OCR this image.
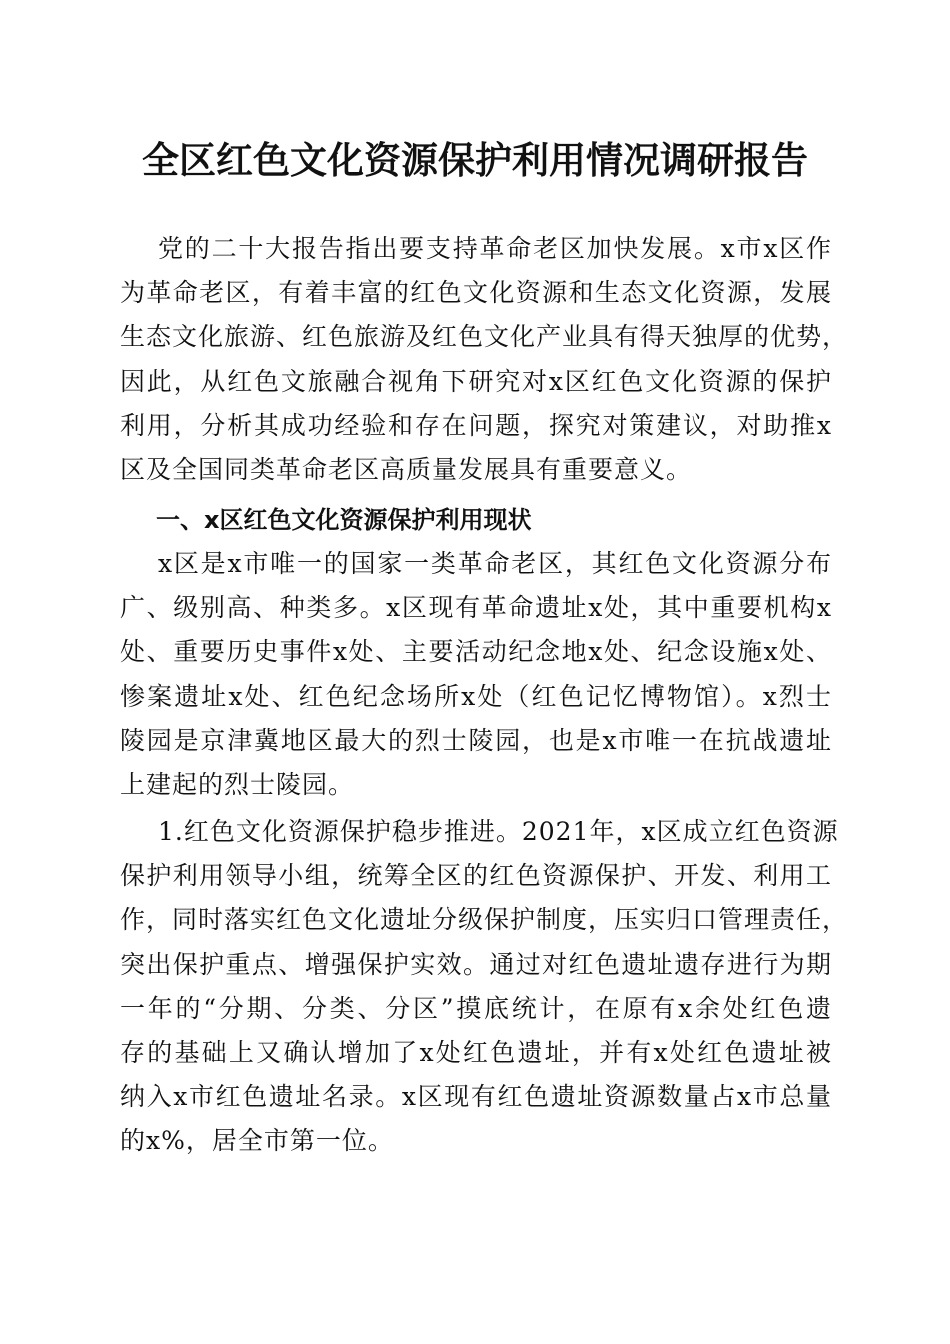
全区红色文化资源保护利用情况调研报告
党的二十大报告指出要支持革命老区加快发展。x市x区作
为革命老区，有着丰富的红色文化资源和生态文化资源，发展
生态文化旅游、红色旅游及红色文化产业具有得天独厚的优势，
因此，从红色文旅融合视角下研究对x区红色文化资源的保护
利用，分析其成功经验和存在问题，探究对策建议，对助推x
区及全国同类革命老区高质量发展具有重要意义。
一、x区红色文化资源保护利用现状
x区是x市唯一的国家一类革命老区，其红色文化资源分布
广、级别高、种类多。x区现有革命遗址x处，其中重要机构x
处、重要历史事件x处、主要活动纪念地x处、纪念设施x处、
惨案遗址x处、红色纪念场所x处（红色记忆博物馆）。x烈士
陵园是京津冀地区最大的烈士陵园，也是x市唯一在抗战遗址
上建起的烈士陵园。
1.红色文化资源保护稳步推进。2021年，x区成立红色资源
保护利用领导小组，统筹全区的红色资源保护、开发、利用工
作，同时落实红色文化遗址分级保护制度，压实归口管理责任，
突出保护重点、增强保护实效。通过对红色遗址遗存进行为期
一年的“分期、分类、分区”摸底统计，在原有x余处红色遗
存的基础上又确认增加了x处红色遗址，并有x处红色遗址被
纳入x市红色遗址名录。x区现有红色遗址资源数量占x市总量
的x%，居全市第一位。
